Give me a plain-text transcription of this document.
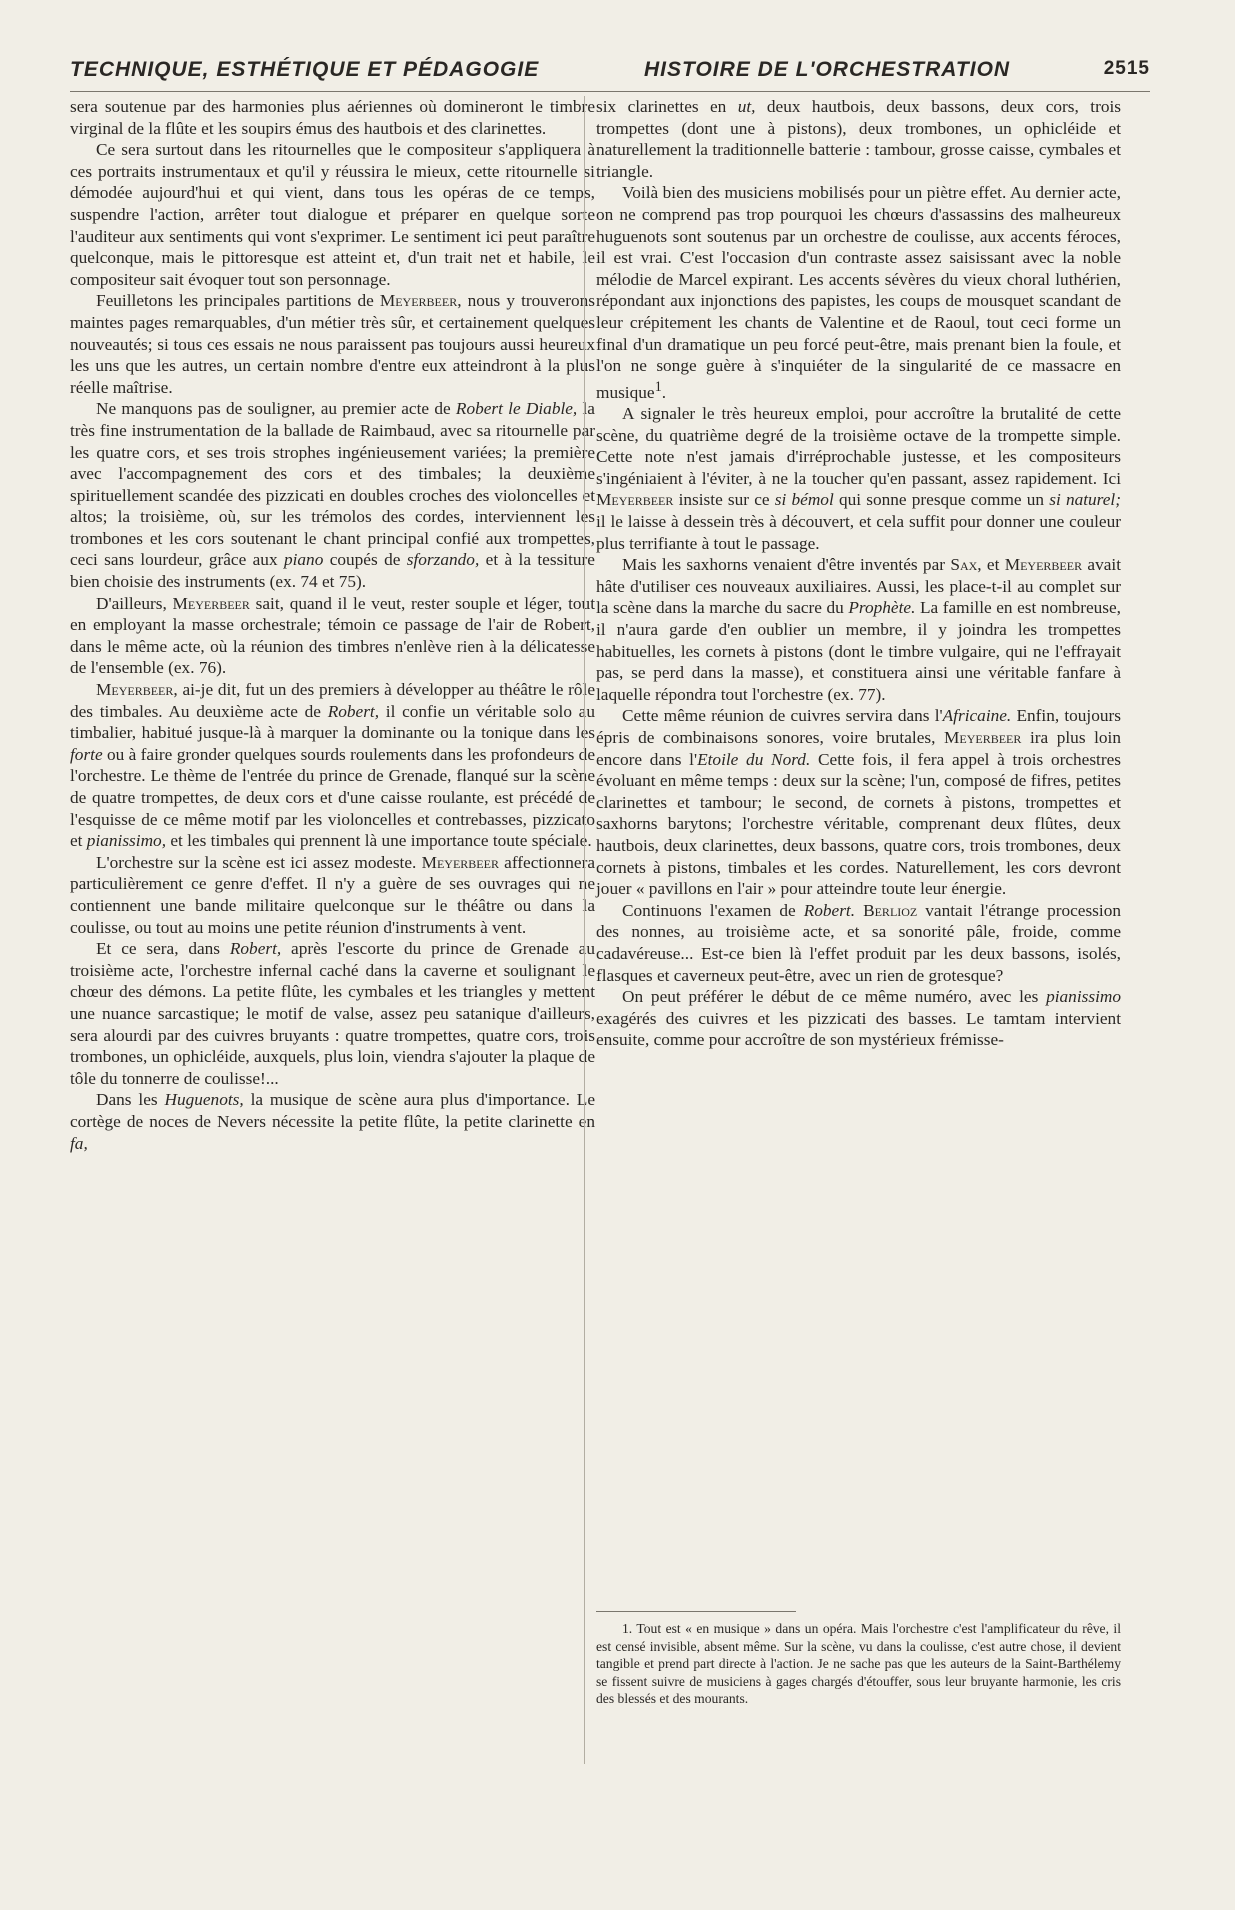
TECHNIQUE, ESTHÉTIQUE ET PÉDAGOGIE	HISTOIRE DE L'ORCHESTRATION	2515

sera soutenue par des harmonies plus aériennes où domineront le timbre virginal de la flûte et les soupirs émus des hautbois et des clarinettes.

Ce sera surtout dans les ritournelles que le compositeur s'appliquera à ces portraits instrumentaux et qu'il y réussira le mieux, cette ritournelle si démodée aujourd'hui et qui vient, dans tous les opéras de ce temps, suspendre l'action, arrêter tout dialogue et préparer en quelque sorte l'auditeur aux sentiments qui vont s'exprimer. Le sentiment ici peut paraître quelconque, mais le pittoresque est atteint et, d'un trait net et habile, le compositeur sait évoquer tout son personnage.

Feuilletons les principales partitions de Meyerbeer, nous y trouverons maintes pages remarquables, d'un métier très sûr, et certainement quelques nouveautés; si tous ces essais ne nous paraissent pas toujours aussi heureux les uns que les autres, un certain nombre d'entre eux atteindront à la plus réelle maîtrise.

Ne manquons pas de souligner, au premier acte de Robert le Diable, la très fine instrumentation de la ballade de Raimbaud, avec sa ritournelle par les quatre cors, et ses trois strophes ingénieusement variées; la première avec l'accompagnement des cors et des timbales; la deuxième spirituellement scandée des pizzicati en doubles croches des violoncelles et altos; la troisième, où, sur les trémolos des cordes, interviennent les trombones et les cors soutenant le chant principal confié aux trompettes, ceci sans lourdeur, grâce aux piano coupés de sforzando, et à la tessiture bien choisie des instruments (ex. 74 et 75).

D'ailleurs, Meyerbeer sait, quand il le veut, rester souple et léger, tout en employant la masse orchestrale; témoin ce passage de l'air de Robert, dans le même acte, où la réunion des timbres n'enlève rien à la délicatesse de l'ensemble (ex. 76).

Meyerbeer, ai-je dit, fut un des premiers à développer au théâtre le rôle des timbales. Au deuxième acte de Robert, il confie un véritable solo au timbalier, habitué jusque-là à marquer la dominante ou la tonique dans les forte ou à faire gronder quelques sourds roulements dans les profondeurs de l'orchestre. Le thème de l'entrée du prince de Grenade, flanqué sur la scène de quatre trompettes, de deux cors et d'une caisse roulante, est précédé de l'esquisse de ce même motif par les violoncelles et contrebasses, pizzicato et pianissimo, et les timbales qui prennent là une importance toute spéciale.

L'orchestre sur la scène est ici assez modeste. Meyerbeer affectionnera particulièrement ce genre d'effet. Il n'y a guère de ses ouvrages qui ne contiennent une bande militaire quelconque sur le théâtre ou dans la coulisse, ou tout au moins une petite réunion d'instruments à vent.

Et ce sera, dans Robert, après l'escorte du prince de Grenade au troisième acte, l'orchestre infernal caché dans la caverne et soulignant le chœur des démons. La petite flûte, les cymbales et les triangles y mettent une nuance sarcastique; le motif de valse, assez peu satanique d'ailleurs, sera alourdi par des cuivres bruyants : quatre trompettes, quatre cors, trois trombones, un ophicléide, auxquels, plus loin, viendra s'ajouter la plaque de tôle du tonnerre de coulisse!...

Dans les Huguenots, la musique de scène aura plus d'importance. Le cortège de noces de Nevers nécessite la petite flûte, la petite clarinette en fa,

six clarinettes en ut, deux hautbois, deux bassons, deux cors, trois trompettes (dont une à pistons), deux trombones, un ophicléide et naturellement la traditionnelle batterie : tambour, grosse caisse, cymbales et triangle.

Voilà bien des musiciens mobilisés pour un piètre effet. Au dernier acte, on ne comprend pas trop pourquoi les chœurs d'assassins des malheureux huguenots sont soutenus par un orchestre de coulisse, aux accents féroces, il est vrai. C'est l'occasion d'un contraste assez saisissant avec la noble mélodie de Marcel expirant. Les accents sévères du vieux choral luthérien, répondant aux injonctions des papistes, les coups de mousquet scandant de leur crépitement les chants de Valentine et de Raoul, tout ceci forme un final d'un dramatique un peu forcé peut-être, mais prenant bien la foule, et l'on ne songe guère à s'inquiéter de la singularité de ce massacre en musique$^1$.

A signaler le très heureux emploi, pour accroître la brutalité de cette scène, du quatrième degré de la troisième octave de la trompette simple. Cette note n'est jamais d'irréprochable justesse, et les compositeurs s'ingéniaient à l'éviter, à ne la toucher qu'en passant, assez rapidement. Ici Meyerbeer insiste sur ce si bémol qui sonne presque comme un si naturel; il le laisse à dessein très à découvert, et cela suffit pour donner une couleur plus terrifiante à tout le passage.

Mais les saxhorns venaient d'être inventés par Sax, et Meyerbeer avait hâte d'utiliser ces nouveaux auxiliaires. Aussi, les place-t-il au complet sur la scène dans la marche du sacre du Prophète. La famille en est nombreuse, il n'aura garde d'en oublier un membre, il y joindra les trompettes habituelles, les cornets à pistons (dont le timbre vulgaire, qui ne l'effrayait pas, se perd dans la masse), et constituera ainsi une véritable fanfare à laquelle répondra tout l'orchestre (ex. 77).

Cette même réunion de cuivres servira dans l'Africaine. Enfin, toujours épris de combinaisons sonores, voire brutales, Meyerbeer ira plus loin encore dans l'Etoile du Nord. Cette fois, il fera appel à trois orchestres évoluant en même temps : deux sur la scène; l'un, composé de fifres, petites clarinettes et tambour; le second, de cornets à pistons, trompettes et saxhorns barytons; l'orchestre véritable, comprenant deux flûtes, deux hautbois, deux clarinettes, deux bassons, quatre cors, trois trombones, deux cornets à pistons, timbales et les cordes. Naturellement, les cors devront jouer « pavillons en l'air » pour atteindre toute leur énergie.

Continuons l'examen de Robert. Berlioz vantait l'étrange procession des nonnes, au troisième acte, et sa sonorité pâle, froide, comme cadavéreuse... Est-ce bien là l'effet produit par les deux bassons, isolés, flasques et caverneux peut-être, avec un rien de grotesque?

On peut préférer le début de ce même numéro, avec les pianissimo exagérés des cuivres et les pizzicati des basses. Le tamtam intervient ensuite, comme pour accroître de son mystérieux frémisse-

1. Tout est « en musique » dans un opéra. Mais l'orchestre c'est l'amplificateur du rêve, il est censé invisible, absent même. Sur la scène, vu dans la coulisse, c'est autre chose, il devient tangible et prend part directe à l'action. Je ne sache pas que les auteurs de la Saint-Barthélemy se fissent suivre de musiciens à gages chargés d'étouffer, sous leur bruyante harmonie, les cris des blessés et des mourants.
